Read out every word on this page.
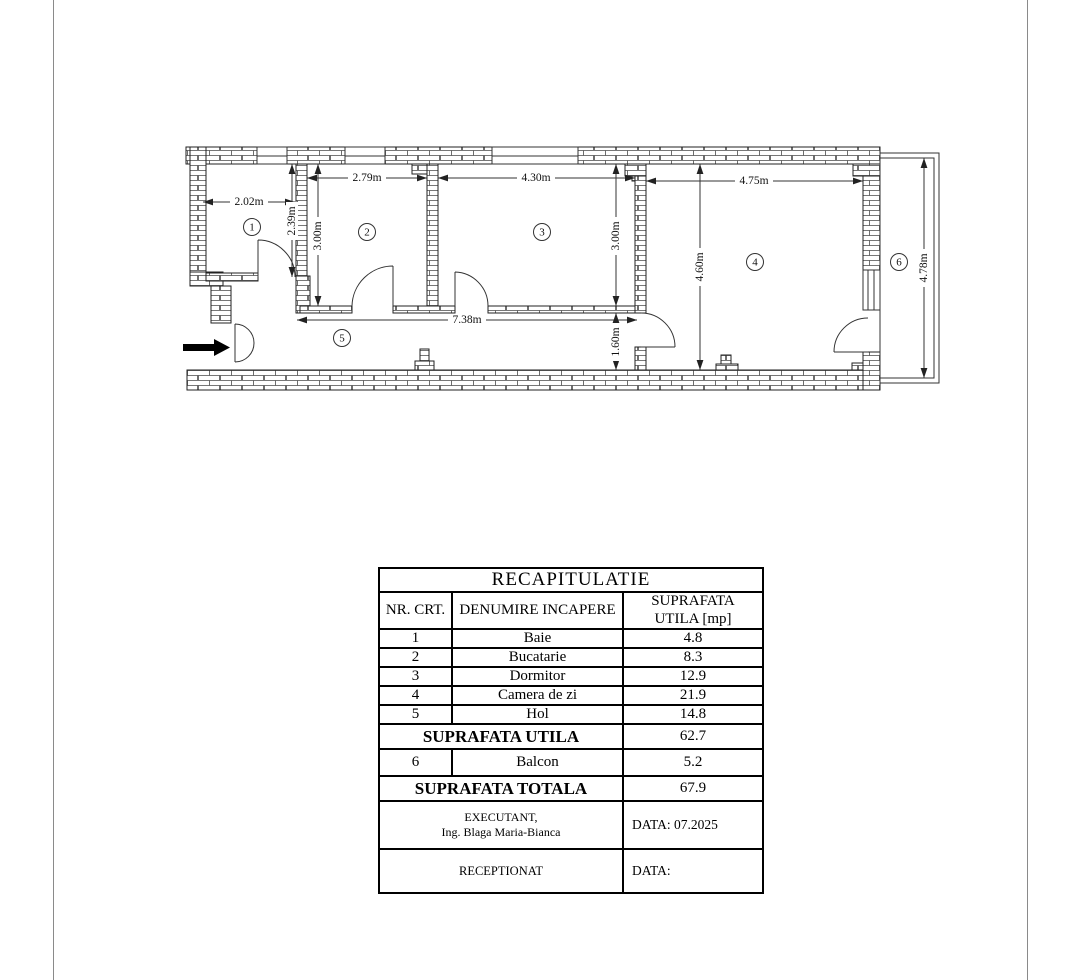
2.02m
2.79m	4.30m	4.75m
7.38m
2.39m
3.00m	3.00m
4.60m
1.60m
4.78m
1	2	3
4
5
6
RECAPITULATIE		
NR. CRT.	DENUMIRE INCAPERE	SUPRAFATA
UTILA [mp]
1	Baie	4.8
2	Bucatarie	8.3
3	Dormitor	12.9
4	Camera de zi	21.9
5	Hol	14.8
SUPRAFATA UTILA		62.7
6	Balcon	5.2
SUPRAFATA TOTALA		67.9
EXECUTANT,
Ing. Blaga Maria-Bianca		DATA: 07.2025
RECEPTIONAT		DATA:
